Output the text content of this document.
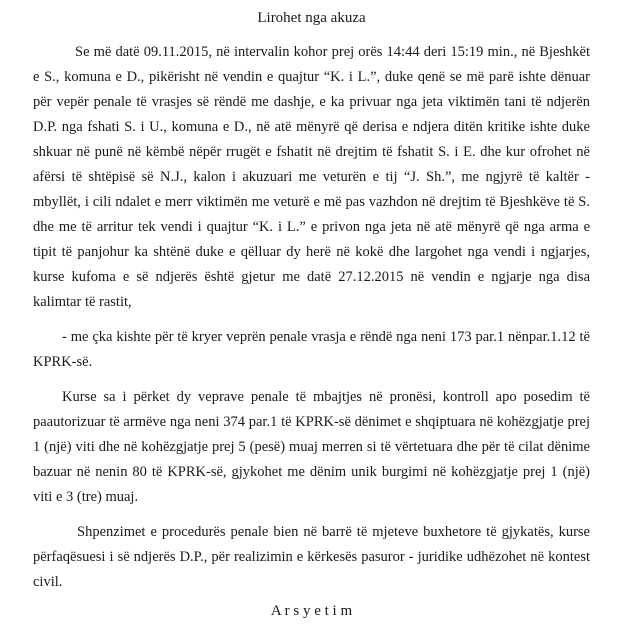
Lirohet nga akuza

Se më datë 09.11.2015, në intervalin kohor prej orës 14:44 deri 15:19 min., në Bjeshkët e S., komuna e D., pikërisht në vendin e quajtur “K. i L.”, duke qenë se më parë ishte dënuar për vepër penale të vrasjes së rëndë me dashje, e ka privuar nga jeta viktimën tani të ndjerën D.P. nga fshati S. i U., komuna e D., në atë mënyrë që derisa e ndjera ditën kritike ishte duke shkuar në punë në këmbë nëpër rrugët e fshatit në drejtim të fshatit S. i E. dhe kur ofrohet në afërsi të shtëpisë së N.J., kalon i akuzuari me veturën e tij “J. Sh.”, me ngjyrë të kaltër - mbyllët, i cili ndalet e merr viktimën me veturë e më pas vazhdon në drejtim të Bjeshkëve të S. dhe me të arritur tek vendi i quajtur “K. i L.” e privon nga jeta në atë mënyrë që nga arma e tipit të panjohur ka shtënë duke e qëlluar dy herë në kokë dhe largohet nga vendi i ngjarjes, kurse kufoma e së ndjerës është gjetur me datë 27.12.2015 në vendin e ngjarje nga disa kalimtar të rastit,

- me çka kishte për të kryer veprën penale vrasja e rëndë nga neni 173 par.1 nënpar.1.12 të KPRK-së.

Kurse sa i përket dy veprave penale të mbajtjes në pronësi, kontroll apo posedim të paautorizuar të armëve nga neni 374 par.1 të KPRK-së dënimet e shqiptuara në kohëzgjatje prej 1 (një) viti dhe në kohëzgjatje prej 5 (pesë) muaj merren si të vërtetuara dhe për të cilat dënime bazuar në nenin 80 të KPRK-së, gjykohet me dënim unik burgimi në kohëzgjatje prej 1 (një) viti e 3 (tre) muaj.

Shpenzimet e procedurës penale bien në barrë të mjeteve buxhetore të gjykatës, kurse përfaqësuesi i së ndjerës D.P., për realizimin e kërkesës pasuror - juridike udhëzohet në kontest civil.

A r s y e t i m
